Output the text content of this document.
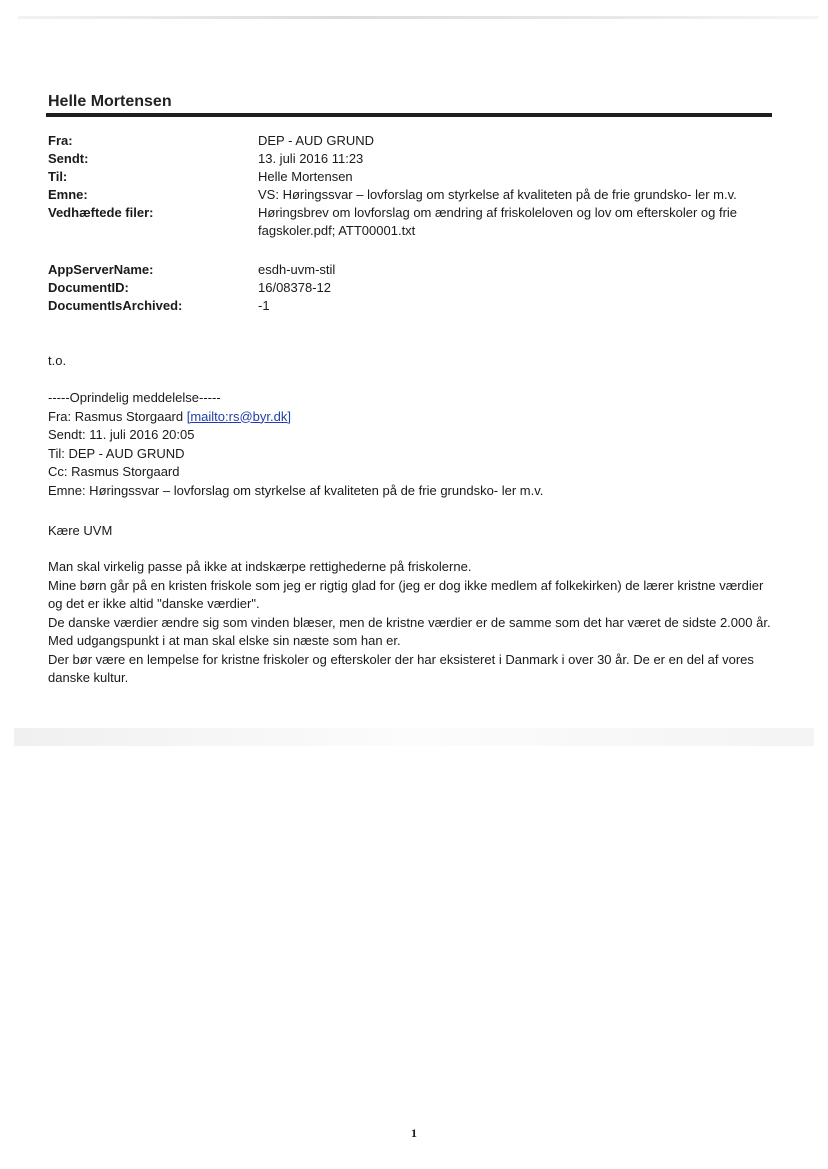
Helle Mortensen
Fra:	DEP - AUD GRUND
Sendt:	13. juli 2016 11:23
Til:	Helle Mortensen
Emne:	VS: Høringssvar – lovforslag om styrkelse af kvaliteten på de frie grundsko- ler m.v.
Vedhæftede filer:	Høringsbrev om lovforslag om ændring af friskoleloven og lov om efterskoler og frie fagskoler.pdf; ATT00001.txt
AppServerName:	esdh-uvm-stil
DocumentID:	16/08378-12
DocumentIsArchived:	-1
t.o.

-----Oprindelig meddelelse-----

Fra: Rasmus Storgaard [mailto:rs@byr.dk]

Sendt: 11. juli 2016 20:05

Til: DEP - AUD GRUND

Cc: Rasmus Storgaard

Emne: Høringssvar – lovforslag om styrkelse af kvaliteten på de frie grundsko- ler m.v.

Kære UVM

Man skal virkelig passe på ikke at indskærpe rettighederne på friskolerne.

Mine børn går på en kristen friskole som jeg er rigtig glad for (jeg er dog ikke medlem af folkekirken) de lærer kristne værdier og det er ikke altid "danske værdier".

De danske værdier ændre sig som vinden blæser, men de kristne værdier er de samme som det har været de sidste 2.000 år.

Med udgangspunkt i at man skal elske sin næste som han er.

Der bør være en lempelse for kristne friskoler og efterskoler der har eksisteret i Danmark i over 30 år. De er en del af vores danske kultur.

1
